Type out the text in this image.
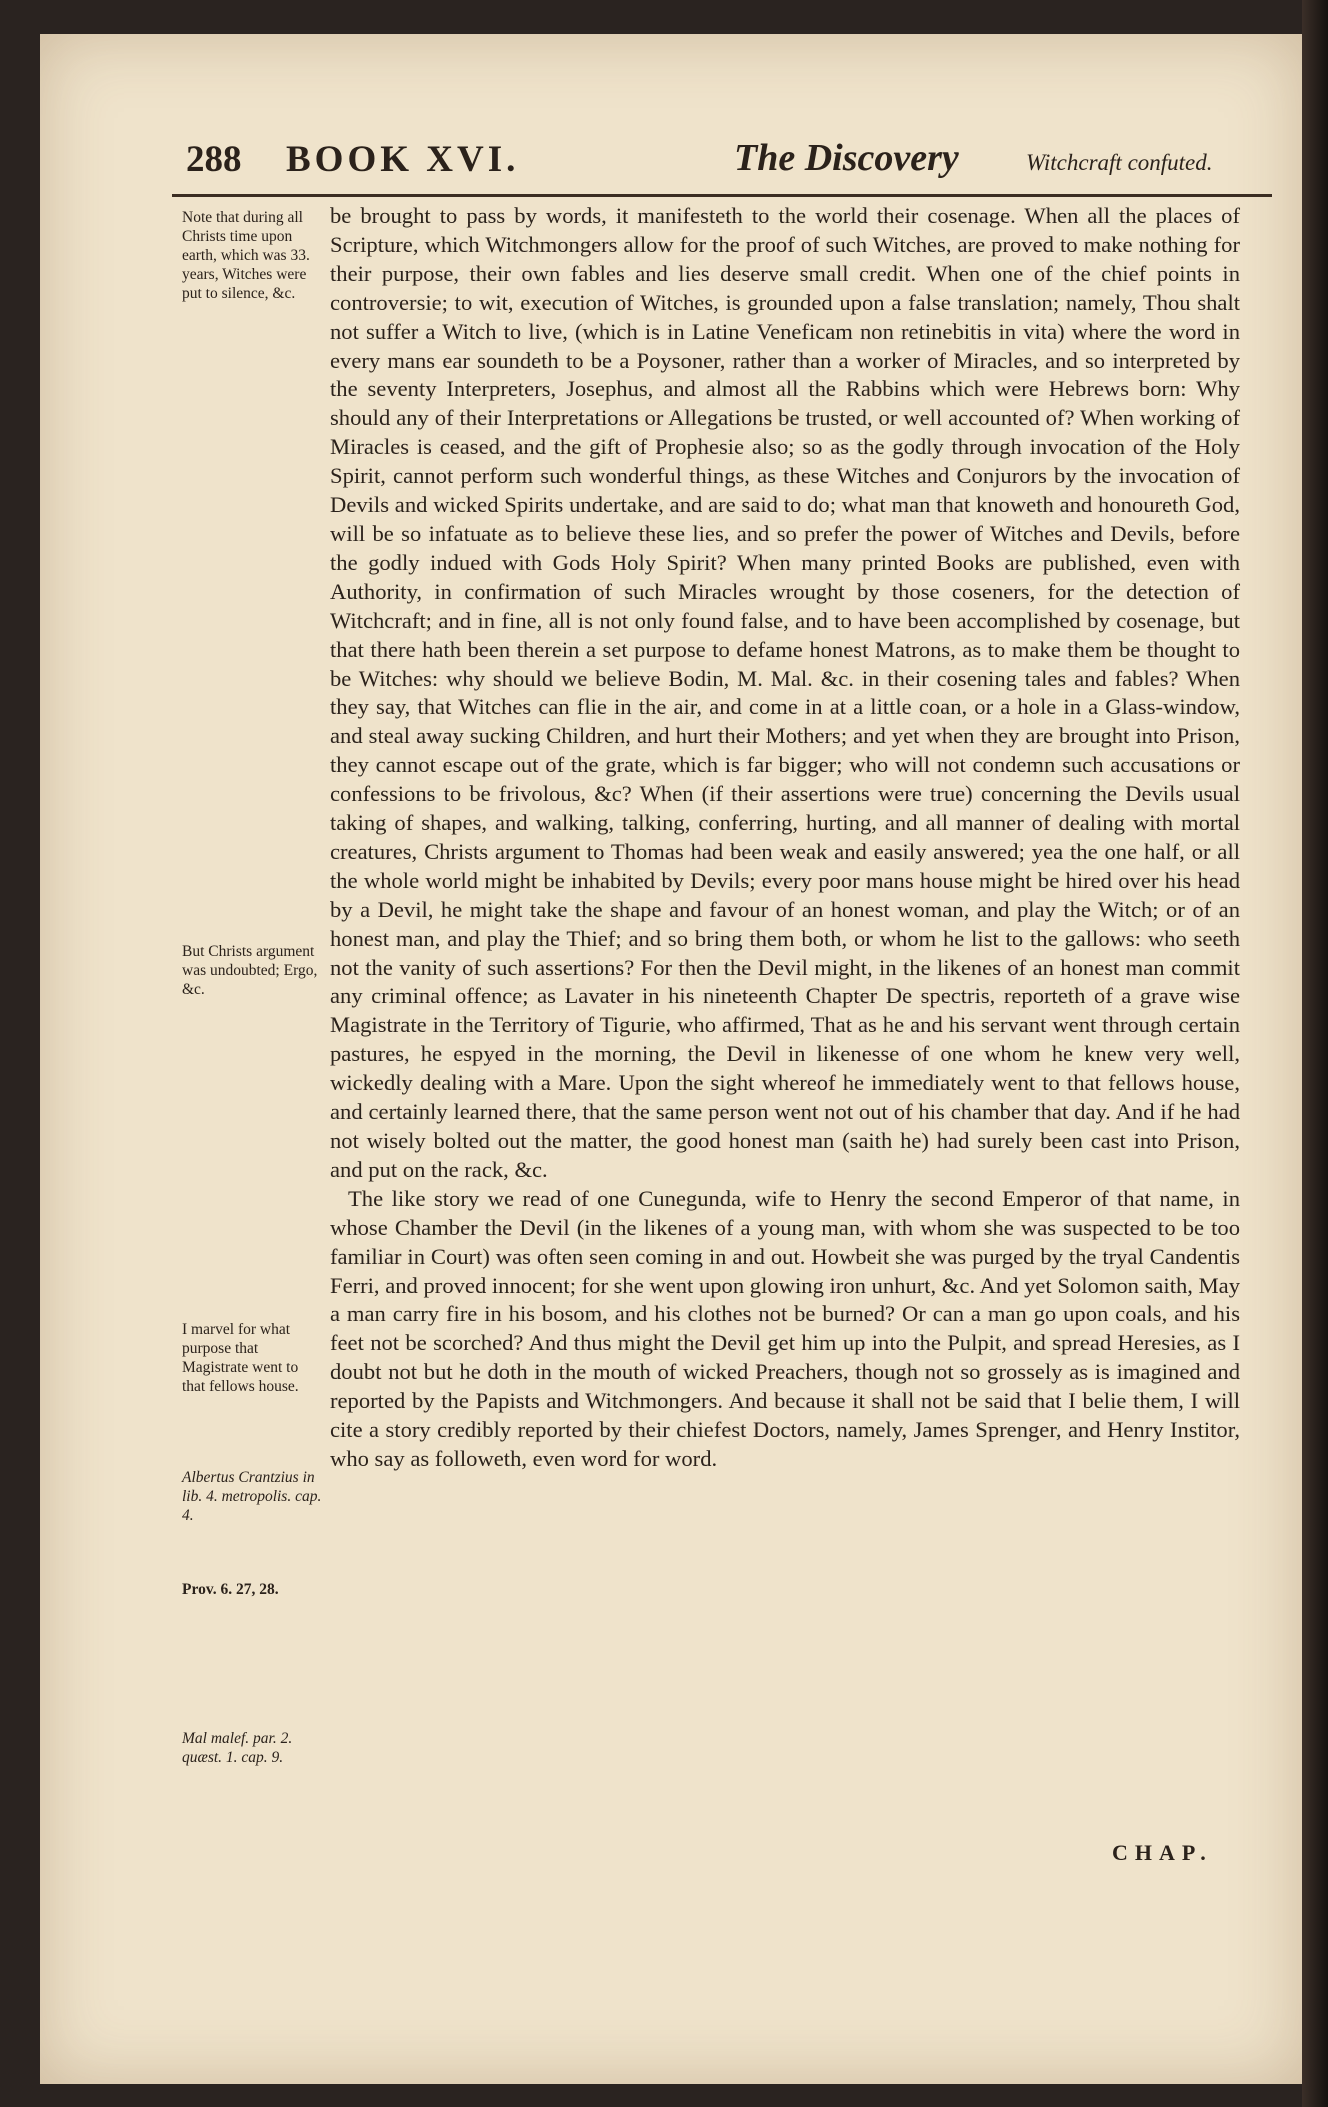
288 BOOK XVI.	The Discovery	Witchcraft confuted.
Note that during all Christs time upon earth, which was 33. years, Witches were put to silence, &c.
But Christs argument was undoubted; Ergo, &c.
I marvel for what purpose that Magistrate went to that fellows house.
Albertus Crantzius in lib. 4. metropolis. cap. 4.
Prov. 6. 27, 28.
Mal malef. par. 2. quæst. 1. cap. 9.

be brought to pass by words, it manifesteth to the world their cosenage. When all the places of Scripture, which Witchmongers allow for the proof of such Witches, are proved to make nothing for their purpose, their own fables and lies deserve small credit. When one of the chief points in controversie; to wit, execution of Witches, is grounded upon a false translation; namely, Thou shalt not suffer a Witch to live, (which is in Latine Veneficam non retinebitis in vita) where the word in every mans ear soundeth to be a Poysoner, rather than a worker of Miracles, and so interpreted by the seventy Interpreters, Josephus, and almost all the Rabbins which were Hebrews born: Why should any of their Interpretations or Allegations be trusted, or well accounted of? When working of Miracles is ceased, and the gift of Prophesie also; so as the godly through invocation of the Holy Spirit, cannot perform such wonderful things, as these Witches and Conjurors by the invocation of Devils and wicked Spirits undertake, and are said to do; what man that knoweth and honoureth God, will be so infatuate as to believe these lies, and so prefer the power of Witches and Devils, before the godly indued with Gods Holy Spirit? When many printed Books are published, even with Authority, in confirmation of such Miracles wrought by those coseners, for the detection of Witchcraft; and in fine, all is not only found false, and to have been accomplished by cosenage, but that there hath been therein a set purpose to defame honest Matrons, as to make them be thought to be Witches: why should we believe Bodin, M. Mal. &c. in their cosening tales and fables? When they say, that Witches can flie in the air, and come in at a little coan, or a hole in a Glass-window, and steal away sucking Children, and hurt their Mothers; and yet when they are brought into Prison, they cannot escape out of the grate, which is far bigger; who will not condemn such accusations or confessions to be frivolous, &c? When (if their assertions were true) concerning the Devils usual taking of shapes, and walking, talking, conferring, hurting, and all manner of dealing with mortal creatures, Christs argument to Thomas had been weak and easily answered; yea the one half, or all the whole world might be inhabited by Devils; every poor mans house might be hired over his head by a Devil, he might take the shape and favour of an honest woman, and play the Witch; or of an honest man, and play the Thief; and so bring them both, or whom he list to the gallows: who seeth not the vanity of such assertions? For then the Devil might, in the likenes of an honest man commit any criminal offence; as Lavater in his nineteenth Chapter De spectris, reporteth of a grave wise Magistrate in the Territory of Tigurie, who affirmed, That as he and his servant went through certain pastures, he espyed in the morning, the Devil in likenesse of one whom he knew very well, wickedly dealing with a Mare. Upon the sight whereof he immediately went to that fellows house, and certainly learned there, that the same person went not out of his chamber that day. And if he had not wisely bolted out the matter, the good honest man (saith he) had surely been cast into Prison, and put on the rack, &c.

The like story we read of one Cunegunda, wife to Henry the second Emperor of that name, in whose Chamber the Devil (in the likenes of a young man, with whom she was suspected to be too familiar in Court) was often seen coming in and out. Howbeit she was purged by the tryal Candentis Ferri, and proved innocent; for she went upon glowing iron unhurt, &c. And yet Solomon saith, May a man carry fire in his bosom, and his clothes not be burned? Or can a man go upon coals, and his feet not be scorched? And thus might the Devil get him up into the Pulpit, and spread Heresies, as I doubt not but he doth in the mouth of wicked Preachers, though not so grossely as is imagined and reported by the Papists and Witchmongers. And because it shall not be said that I belie them, I will cite a story credibly reported by their chiefest Doctors, namely, James Sprenger, and Henry Institor, who say as followeth, even word for word.

CHAP.
